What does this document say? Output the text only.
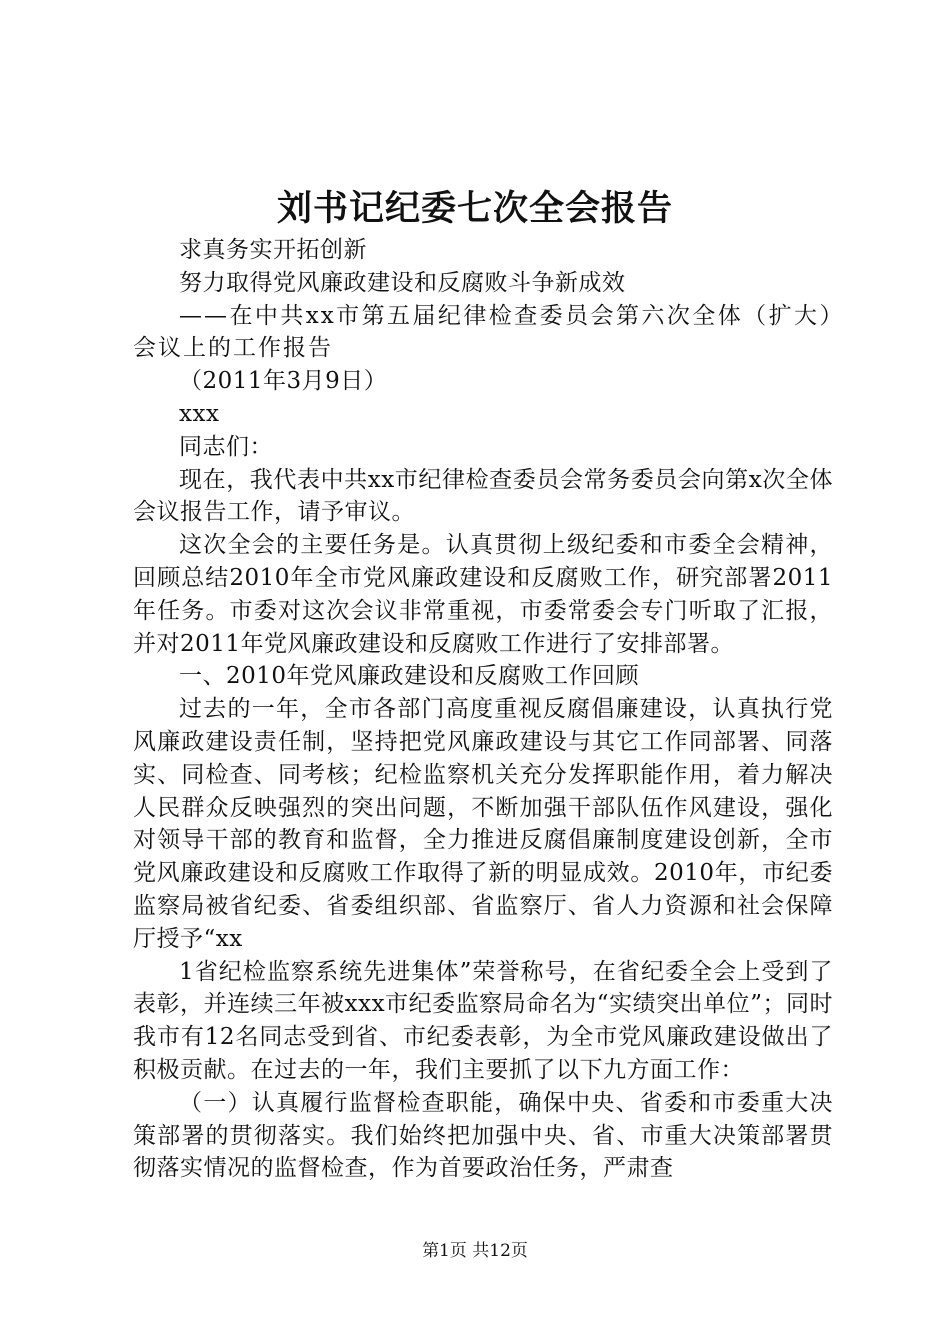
刘书记纪委七次全会报告

求真务实开拓创新

努力取得党风廉政建设和反腐败斗争新成效

——在中共xx市第五届纪律检查委员会第六次全体（扩大）会议上的工作报告

（2011年3月9日）

xxx

同志们：

现在，我代表中共xx市纪律检查委员会常务委员会向第x次全体会议报告工作，请予审议。

这次全会的主要任务是。认真贯彻上级纪委和市委全会精神，回顾总结2010年全市党风廉政建设和反腐败工作，研究部署2011年任务。市委对这次会议非常重视，市委常委会专门听取了汇报，并对2011年党风廉政建设和反腐败工作进行了安排部署。

一、2010年党风廉政建设和反腐败工作回顾

过去的一年，全市各部门高度重视反腐倡廉建设，认真执行党风廉政建设责任制，坚持把党风廉政建设与其它工作同部署、同落实、同检查、同考核；纪检监察机关充分发挥职能作用，着力解决人民群众反映强烈的突出问题，不断加强干部队伍作风建设，强化对领导干部的教育和监督，全力推进反腐倡廉制度建设创新，全市党风廉政建设和反腐败工作取得了新的明显成效。2010年，市纪委监察局被省纪委、省委组织部、省监察厅、省人力资源和社会保障厅授予“xx

1省纪检监察系统先进集体”荣誉称号，在省纪委全会上受到了表彰，并连续三年被xxx市纪委监察局命名为“实绩突出单位”；同时我市有12名同志受到省、市纪委表彰，为全市党风廉政建设做出了积极贡献。在过去的一年，我们主要抓了以下九方面工作：

（一）认真履行监督检查职能，确保中央、省委和市委重大决策部署的贯彻落实。我们始终把加强中央、省、市重大决策部署贯彻落实情况的监督检查，作为首要政治任务，严肃查

第1页 共12页
